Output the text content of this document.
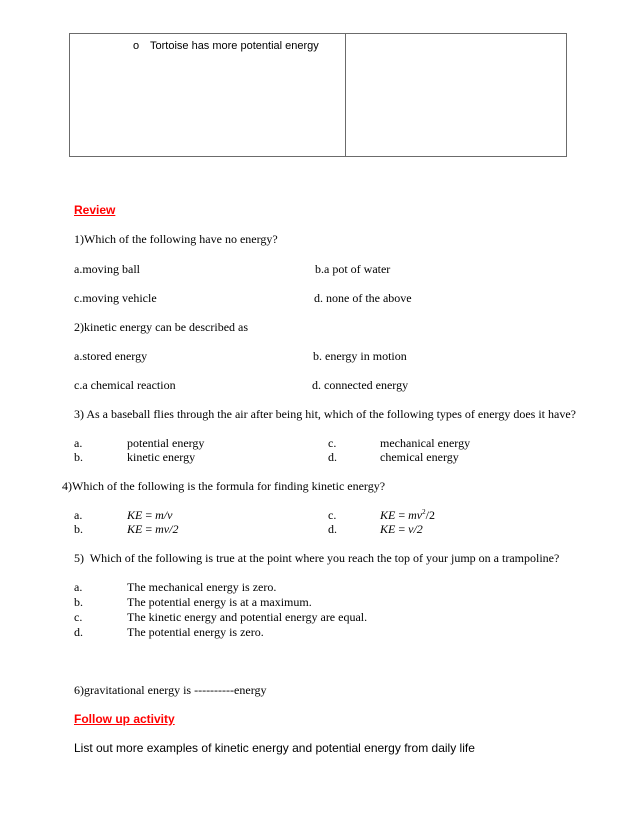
o Tortoise has more potential energy
Review
1)Which of the following have no energy?
a.moving ball	b.a pot of water
c.moving vehicle	d. none of the above
2)kinetic energy can be described as
a.stored energy	b. energy in motion
c.a chemical reaction	d. connected energy
3) As a baseball flies through the air after being hit, which of the following types of energy does it have?
a.	potential energy	c.	mechanical energy
b.	kinetic energy	d.	chemical energy
4)Which of the following is the formula for finding kinetic energy?
a.	KE = m/v	c.	KE = $mv^2/2$
b.	KE = mv/2	d.	KE = v/2
5)  Which of the following is true at the point where you reach the top of your jump on a trampoline?
a.	The mechanical energy is zero.
b.	The potential energy is at a maximum.
c.	The kinetic energy and potential energy are equal.
d.	The potential energy is zero.
6)gravitational energy is ----------energy
Follow up activity
List out more examples of kinetic energy and potential energy from daily life
